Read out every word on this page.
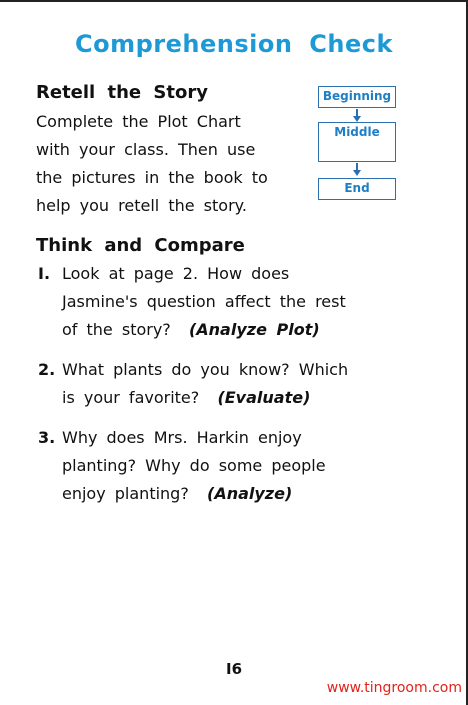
Comprehension Check
Retell the Story
Complete the Plot Chart
with your class. Then use
the pictures in the book to
help you retell the story.
Beginning
Middle
End
Think and Compare
I. Look at page 2. How does
Jasmine's question affect the rest
of the story? (Analyze Plot)
2. What plants do you know? Which
is your favorite? (Evaluate)
3. Why does Mrs. Harkin enjoy
planting? Why do some people
enjoy planting? (Analyze)
I6
www.tingroom.com
